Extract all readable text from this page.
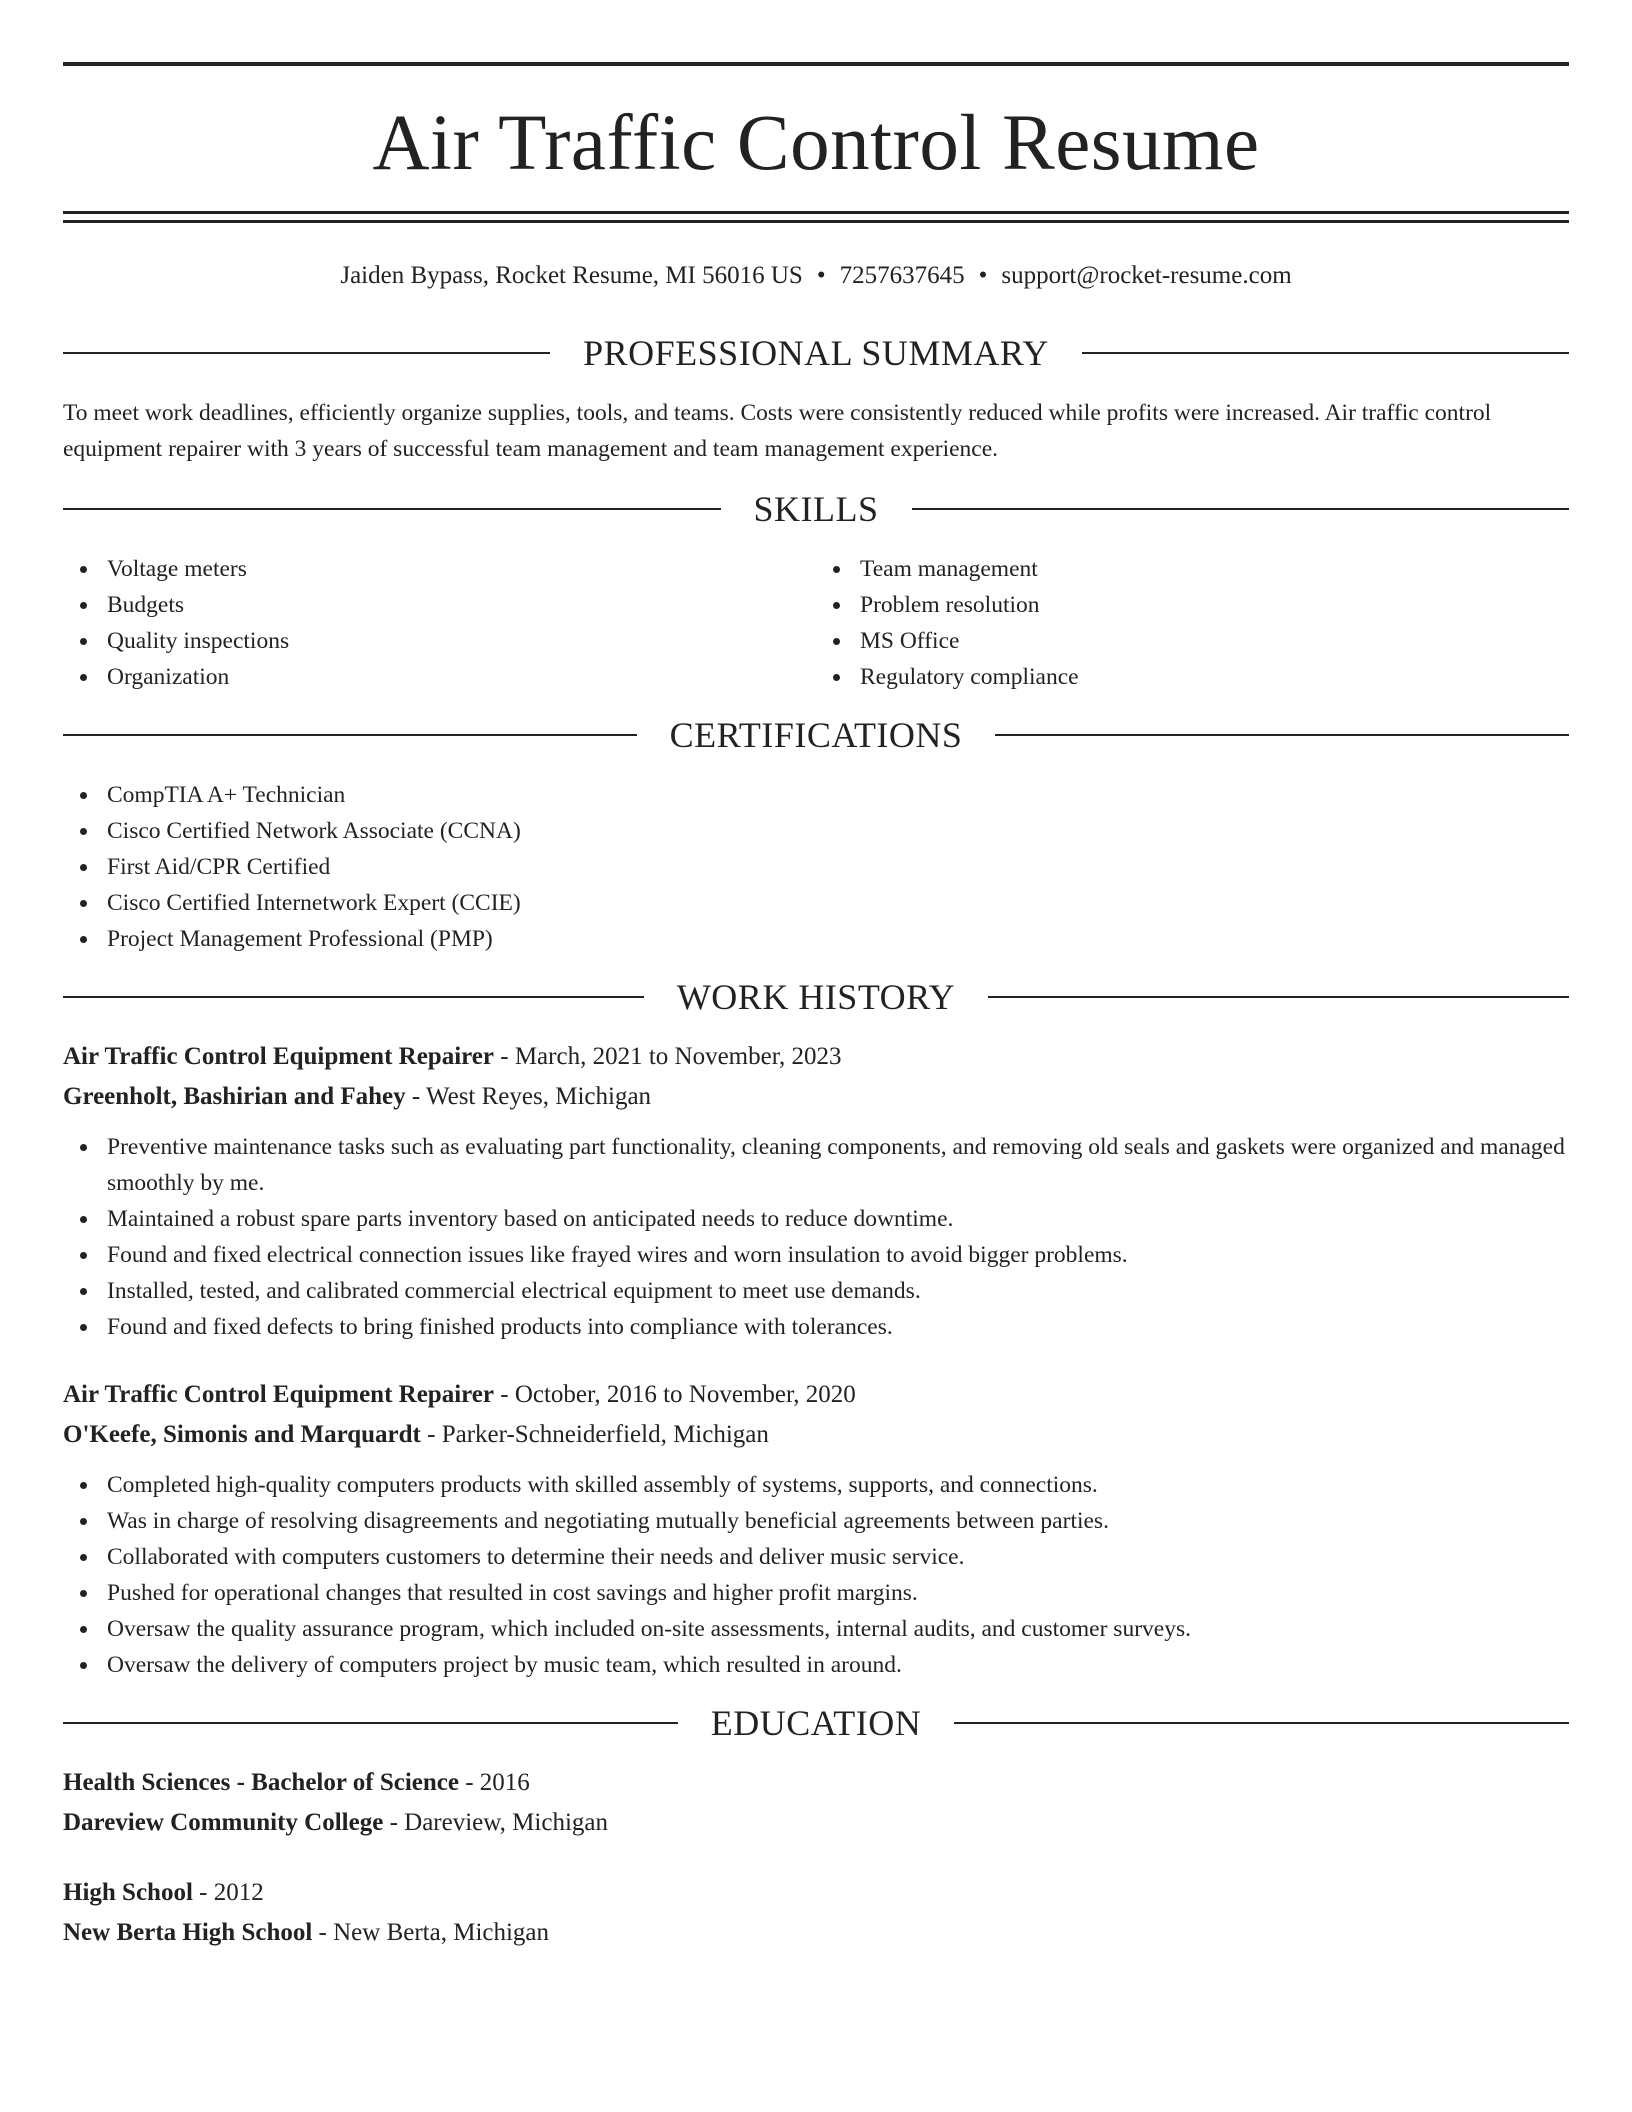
Air Traffic Control Resume
Jaiden Bypass, Rocket Resume, MI 56016 US • 7257637645 • support@rocket-resume.com
PROFESSIONAL SUMMARY

To meet work deadlines, efficiently organize supplies, tools, and teams. Costs were consistently reduced while profits were increased. Air traffic control equipment repairer with 3 years of successful team management and team management experience.

SKILLS
Voltage meters
Budgets
Quality inspections
Organization
Team management
Problem resolution
MS Office
Regulatory compliance
CERTIFICATIONS
CompTIA A+ Technician
Cisco Certified Network Associate (CCNA)
First Aid/CPR Certified
Cisco Certified Internetwork Expert (CCIE)
Project Management Professional (PMP)
WORK HISTORY
Air Traffic Control Equipment Repairer - March, 2021 to November, 2023
Greenholt, Bashirian and Fahey - West Reyes, Michigan
Preventive maintenance tasks such as evaluating part functionality, cleaning components, and removing old seals and gaskets were organized and managed smoothly by me.
Maintained a robust spare parts inventory based on anticipated needs to reduce downtime.
Found and fixed electrical connection issues like frayed wires and worn insulation to avoid bigger problems.
Installed, tested, and calibrated commercial electrical equipment to meet use demands.
Found and fixed defects to bring finished products into compliance with tolerances.
Air Traffic Control Equipment Repairer - October, 2016 to November, 2020
O'Keefe, Simonis and Marquardt - Parker-Schneiderfield, Michigan
Completed high-quality computers products with skilled assembly of systems, supports, and connections.
Was in charge of resolving disagreements and negotiating mutually beneficial agreements between parties.
Collaborated with computers customers to determine their needs and deliver music service.
Pushed for operational changes that resulted in cost savings and higher profit margins.
Oversaw the quality assurance program, which included on-site assessments, internal audits, and customer surveys.
Oversaw the delivery of computers project by music team, which resulted in around.
EDUCATION
Health Sciences - Bachelor of Science - 2016
Dareview Community College - Dareview, Michigan
High School - 2012
New Berta High School - New Berta, Michigan
